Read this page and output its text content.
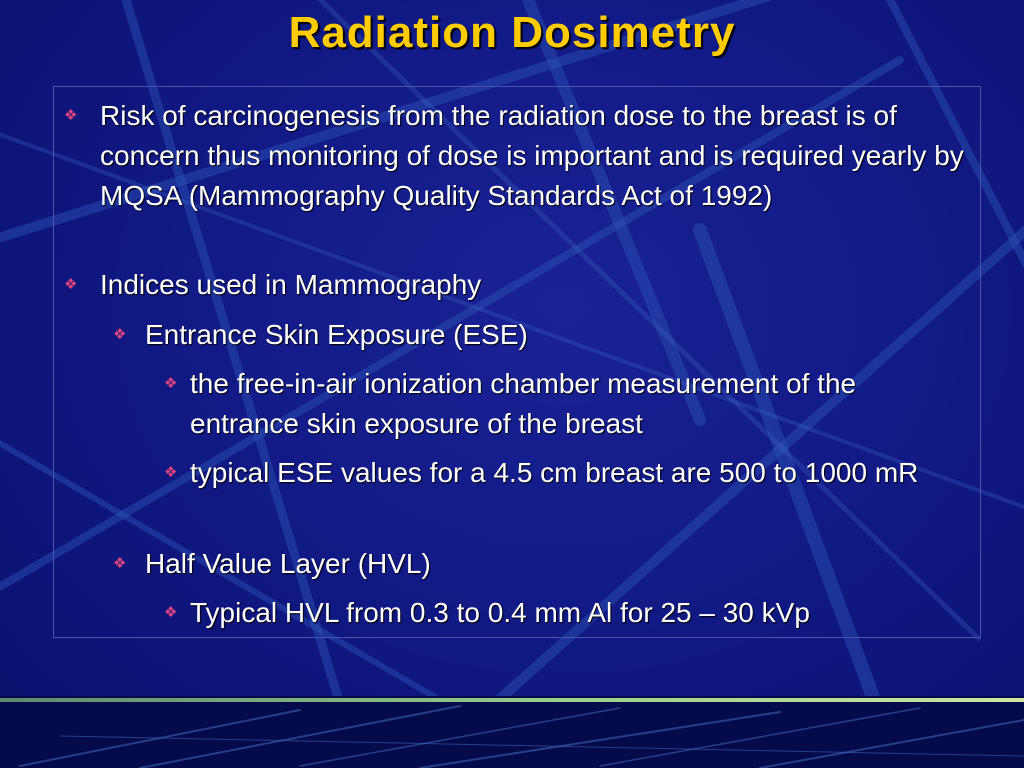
Radiation Dosimetry
❖ Risk of carcinogenesis from the radiation dose to the breast is of concern thus monitoring of dose is important and is required yearly by MQSA (Mammography Quality Standards Act of 1992)
❖ Indices used in Mammography
❖ Entrance Skin Exposure (ESE)
❖ the free-in-air ionization chamber measurement of the entrance skin exposure of the breast
❖ typical ESE values for a 4.5 cm breast are 500 to 1000 mR
❖ Half Value Layer (HVL)
❖ Typical HVL from 0.3 to 0.4 mm Al for 25 – 30 kVp
